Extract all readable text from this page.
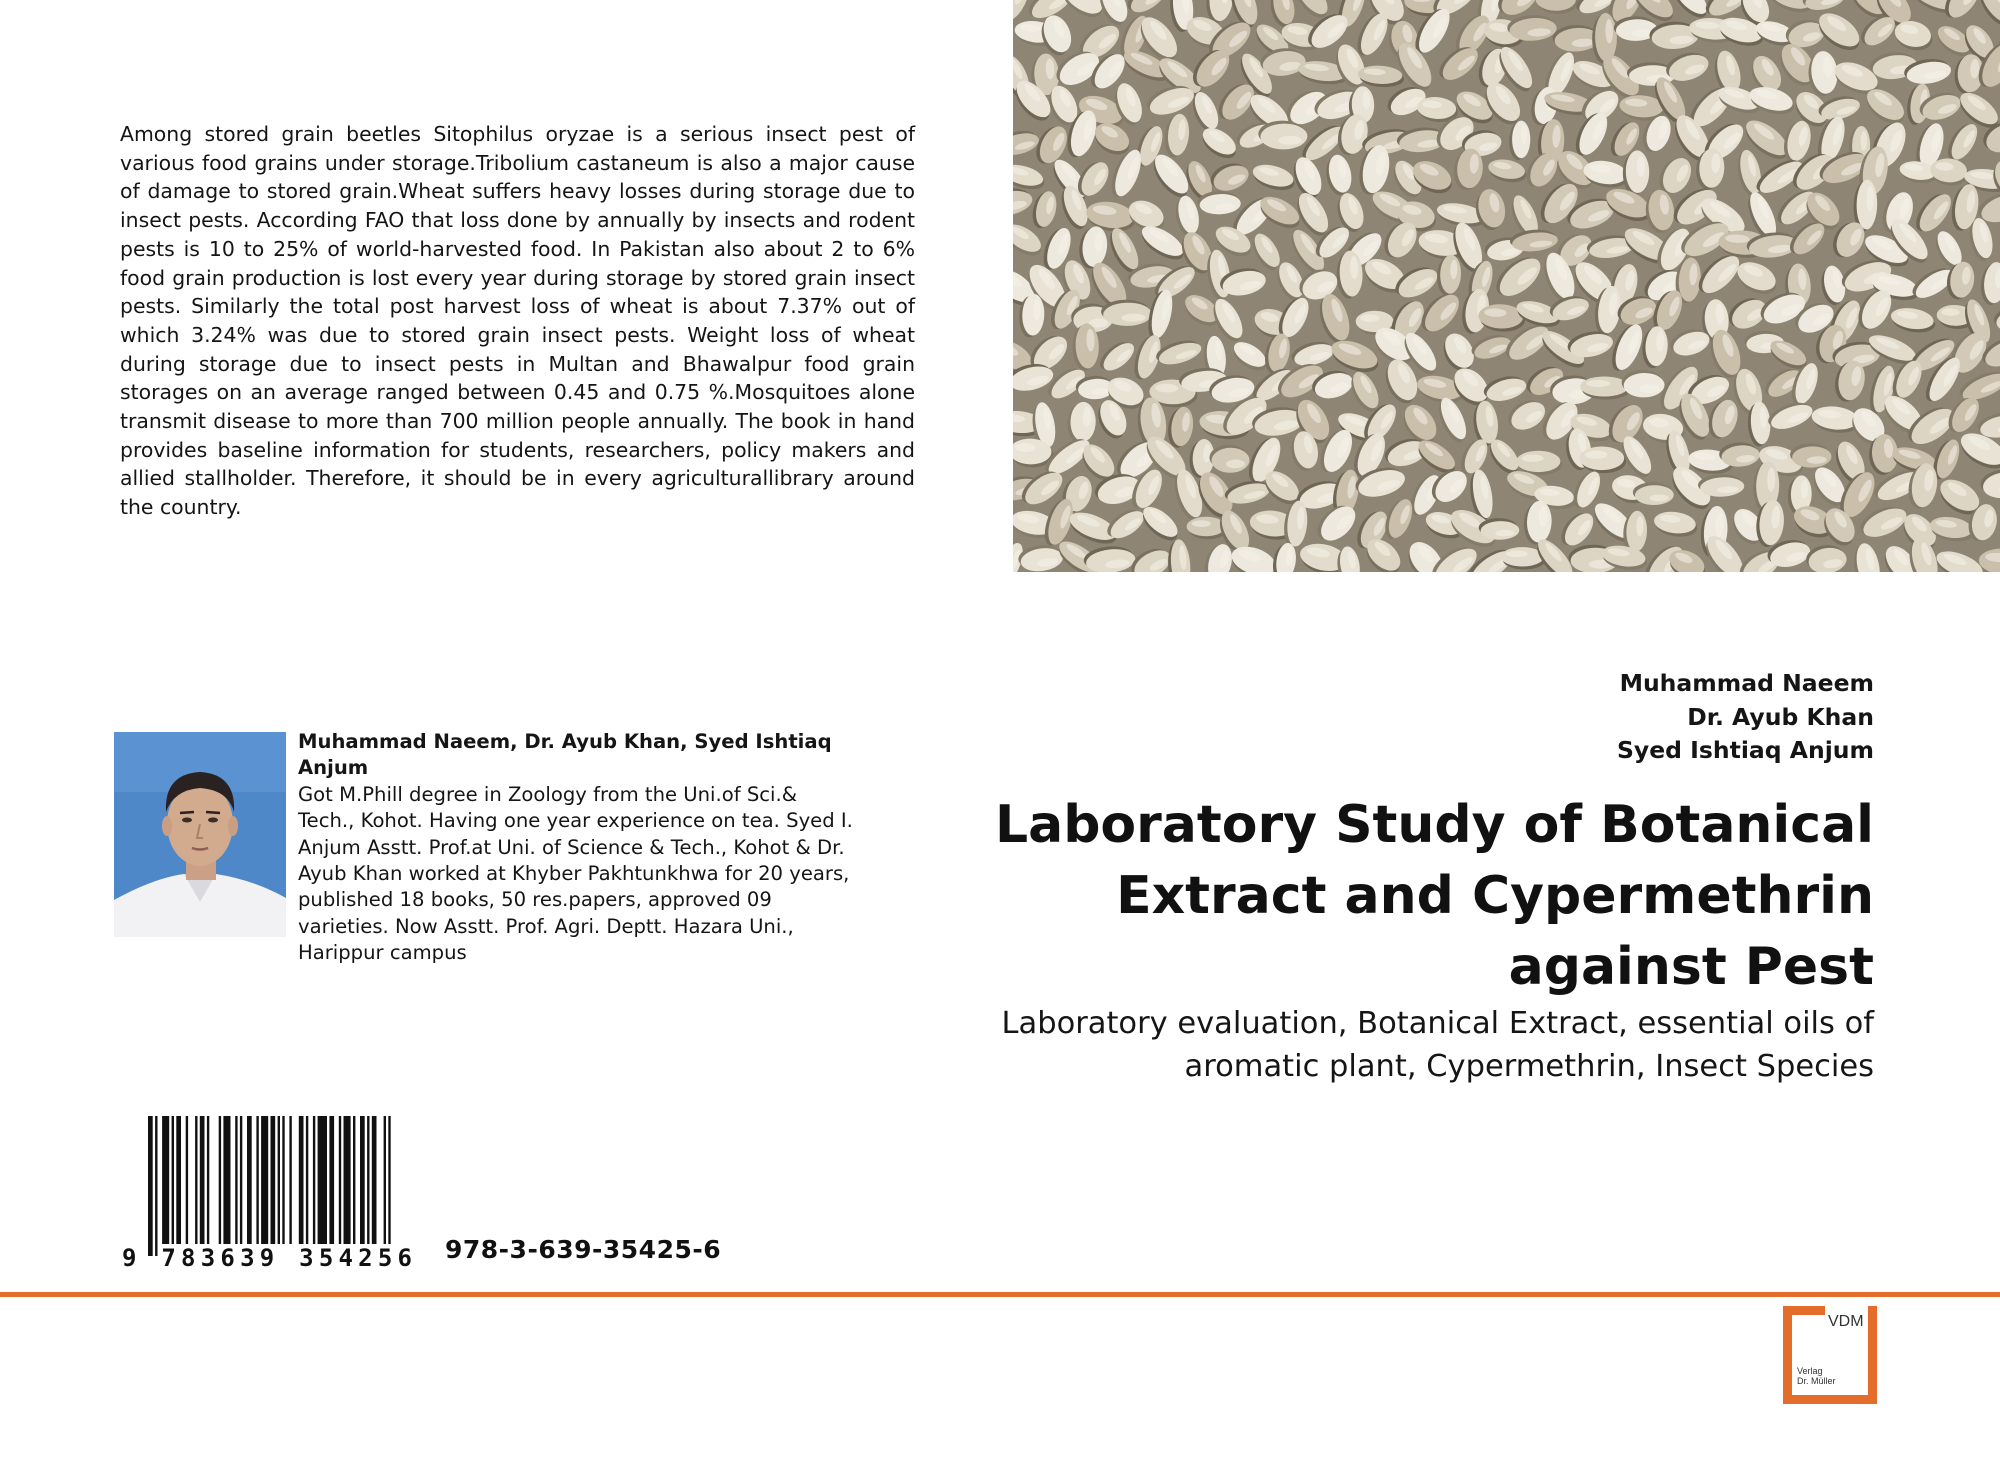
Among stored grain beetles Sitophilus oryzae is a serious insect pest of various food grains under storage.Tribolium castaneum is also a major cause of damage to stored grain.Wheat suffers heavy losses during storage due to insect pests. According FAO that loss done by annually by insects and rodent pests is 10 to 25% of world-harvested food. In Pakistan also about 2 to 6% food grain production is lost every year during storage by stored grain insect pests. Similarly the total post harvest loss of wheat is about 7.37% out of which 3.24% was due to stored grain insect pests. Weight loss of wheat during storage due to insect pests in Multan and Bhawalpur food grain storages on an average ranged between 0.45 and 0.75 %.Mosquitoes alone transmit disease to more than 700 million people annually. The book in hand provides baseline information for students, researchers, policy makers and allied stallholder. Therefore, it should be in every agriculturallibrary around the country.
Muhammad Naeem, Dr. Ayub Khan, Syed Ishtiaq Anjum
Got M.Phill degree in Zoology from the Uni.of Sci.& Tech., Kohot. Having one year experience on tea. Syed I. Anjum Asstt. Prof.at Uni. of Science & Tech., Kohot & Dr. Ayub Khan worked at Khyber Pakhtunkhwa for 20 years, published 18 books, 50 res.papers, approved 09 varieties. Now Asstt. Prof. Agri. Deptt. Hazara Uni., Harippur campus
9 783639 354256 978-3-639-35425-6
Muhammad Naeem
Dr. Ayub Khan
Syed Ishtiaq Anjum
Laboratory Study of Botanical Extract and Cypermethrin against Pest
Laboratory evaluation, Botanical Extract, essential oils of aromatic plant, Cypermethrin, Insect Species
VDM
Verlag
Dr. Müller
